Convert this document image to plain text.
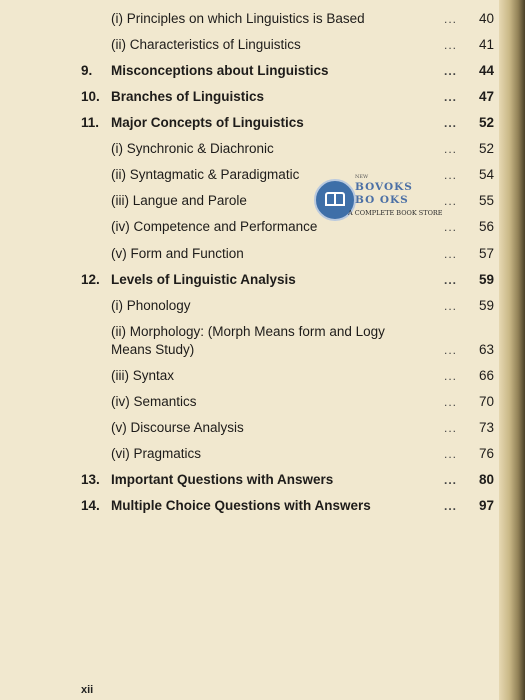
(i) Principles on which Linguistics is Based	...	40
(ii) Characteristics of Linguistics	...	41
9. Misconceptions about Linguistics	...	44
10. Branches of Linguistics	...	47
11. Major Concepts of Linguistics	...	52
(i) Synchronic & Diachronic	...	52
(ii) Syntagmatic & Paradigmatic	...	54
(iii) Langue and Parole	...	55
(iv) Competence and Performance	...	56
(v) Form and Function	...	57
12. Levels of Linguistic Analysis	...	59
(i) Phonology	...	59
(ii) Morphology: (Morph Means form and Logy Means Study)	...	63
(iii) Syntax	...	66
(iv) Semantics	...	70
(v) Discourse Analysis	...	73
(vi) Pragmatics	...	76
13. Important Questions with Answers	...	80
14. Multiple Choice Questions with Answers	...	97
NEW
BOVOKS
BO OKS
A COMPLETE BOOK STORE
xii
